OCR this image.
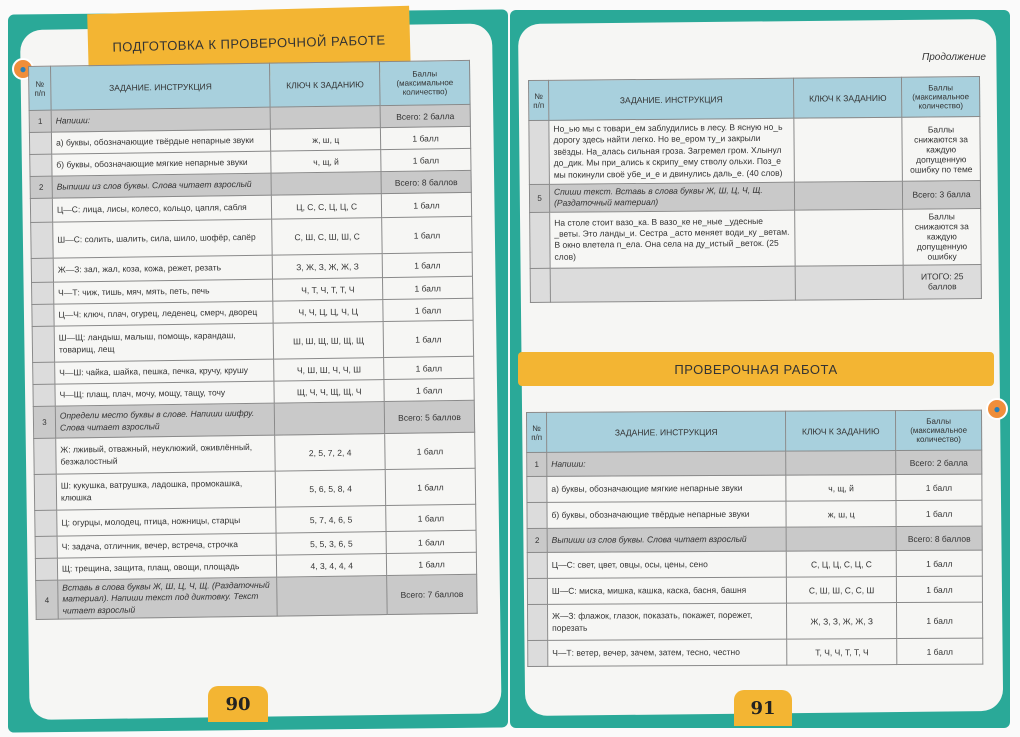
ПОДГОТОВКА К ПРОВЕРОЧНОЙ РАБОТЕ
●
●
Продолжение
№ п/п	ЗАДАНИЕ. ИНСТРУКЦИЯ	КЛЮЧ К ЗАДАНИЮ	Баллы (максимальное количество)
1	Напиши:		Всего: 2 балла
	а) буквы, обозначающие твёрдые непарные звуки	ж, ш, ц	1 балл
	б) буквы, обозначающие мягкие непарные звуки	ч, щ, й	1 балл
2	Выпиши из слов буквы. Слова читает взрослый		Всего: 8 баллов
	Ц—С: лица, лисы, колесо, кольцо, цапля, сабля	Ц, С, С, Ц, Ц, С	1 балл
	Ш—С: солить, шалить, сила, шило, шофёр, сапёр	С, Ш, С, Ш, Ш, С	1 балл
	Ж—З: зал, жал, коза, кожа, режет, резать	З, Ж, З, Ж, Ж, З	1 балл
	Ч—Т: чиж, тишь, мяч, мять, петь, печь	Ч, Т, Ч, Т, Т, Ч	1 балл
	Ц—Ч: ключ, плач, огурец, леденец, смерч, дворец	Ч, Ч, Ц, Ц, Ч, Ц	1 балл
	Ш—Щ: ландыш, малыш, помощь, карандаш, товарищ, лещ	Ш, Ш, Щ, Ш, Щ, Щ	1 балл
	Ч—Ш: чайка, шайка, пешка, печка, кручу, крушу	Ч, Ш, Ш, Ч, Ч, Ш	1 балл
	Ч—Щ: плащ, плач, мочу, мощу, тащу, точу	Щ, Ч, Ч, Щ, Щ, Ч	1 балл
3	Определи место буквы в слове. Напиши шифру. Слова читает взрослый		Всего: 5 баллов
	Ж: лживый, отважный, неуклюжий, оживлённый, безжалостный	2, 5, 7, 2, 4	1 балл
	Ш: кукушка, ватрушка, ладошка, промокашка, клюшка	5, 6, 5, 8, 4	1 балл
	Ц: огурцы, молодец, птица, ножницы, старцы	5, 7, 4, 6, 5	1 балл
	Ч: задача, отличник, вечер, встреча, строчка	5, 5, 3, 6, 5	1 балл
	Щ: трещина, защита, плащ, овощи, площадь	4, 3, 4, 4, 4	1 балл
4	Вставь в слова буквы Ж, Ш, Ц, Ч, Щ. (Раздаточный материал). Напиши текст под диктовку. Текст читает взрослый		Всего: 7 баллов
№ п/п	ЗАДАНИЕ. ИНСТРУКЦИЯ	КЛЮЧ К ЗАДАНИЮ	Баллы (максимальное количество)
	Но_ью мы с товари_ем заблудились в лесу. В ясную но_ь дорогу здесь найти легко. Но ве_ером ту_и закрыли звёзды. На_алась сильная гроза. Загремел гром. Хлынул до_дик. Мы при_ались к скрипу_ему стволу ольхи. Поз_е мы покинули своё убе_и_е и двинулись даль_е. (40 слов)		Баллы снижаются за каждую допущенную ошибку по теме
5	Спиши текст. Вставь в слова буквы Ж, Ш, Ц, Ч, Щ. (Раздаточный материал)		Всего: 3 балла
	На столе стоит вазо_ка. В вазо_ке не_ные _удесные _веты. Это ланды_и. Сестра _асто меняет води_ку _ветам. В окно влетела п_ела. Она села на ду_истый _веток. (25 слов)		Баллы снижаются за каждую допущенную ошибку
			ИТОГО: 25 баллов
ПРОВЕРОЧНАЯ РАБОТА
№ п/п	ЗАДАНИЕ. ИНСТРУКЦИЯ	КЛЮЧ К ЗАДАНИЮ	Баллы (максимальное количество)
1	Напиши:		Всего: 2 балла
	а) буквы, обозначающие мягкие непарные звуки	ч, щ, й	1 балл
	б) буквы, обозначающие твёрдые непарные звуки	ж, ш, ц	1 балл
2	Выпиши из слов буквы. Слова читает взрослый		Всего: 8 баллов
	Ц—С: свет, цвет, овцы, осы, цены, сено	С, Ц, Ц, С, Ц, С	1 балл
	Ш—С: миска, мишка, кашка, каска, басня, башня	С, Ш, Ш, С, С, Ш	1 балл
	Ж—З: флажок, глазок, показать, покажет, порежет, порезать	Ж, З, З, Ж, Ж, З	1 балл
	Ч—Т: ветер, вечер, зачем, затем, тесно, честно	Т, Ч, Ч, Т, Т, Ч	1 балл
90	91
